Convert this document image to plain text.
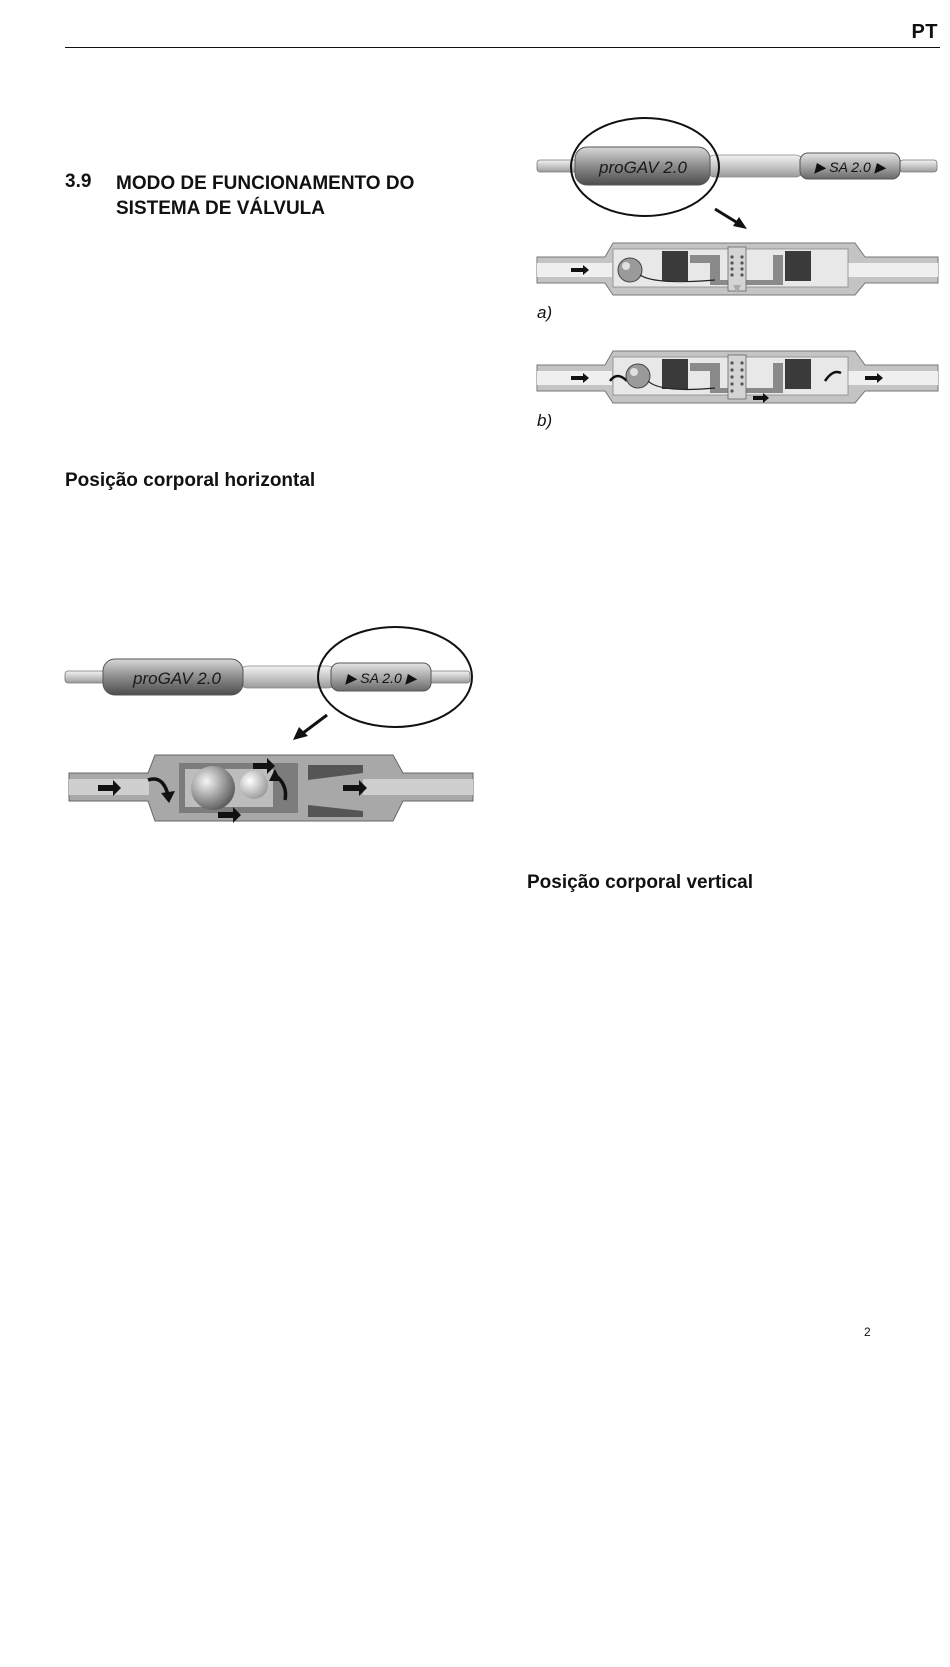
PT
3.9 MODO DE FUNCIONAMENTO DO
SISTEMA DE VÁLVULA
Posição corporal horizontal
Posição corporal vertical
proGAV 2.0	▶ SA 2.0 ▶
a)
b)
proGAV 2.0	▶ SA 2.0 ▶
2
